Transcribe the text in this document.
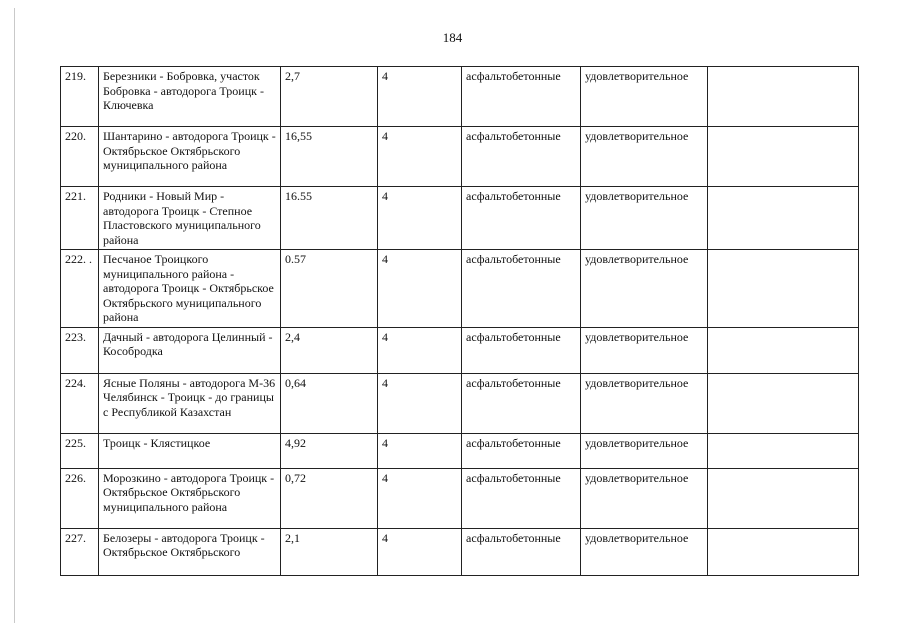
184
219.	Березники - Бобровка, участок Бобровка - автодорога Троицк - Ключевка	2,7	4	асфальтобетонные	удовлетворительное	
220.	Шантарино - автодорога Троицк - Октябрьское Октябрьского муниципального района	16,55	4	асфальтобетонные	удовлетворительное	
221.	Родники - Новый Мир - автодорога Троицк - Степное Пластовского муниципального района	16.55	4	асфальтобетонные	удовлетворительное	
222. .	Песчаное Троицкого муниципального района - автодорога Троицк - Октябрьское Октябрьского муниципального района	0.57	4	асфальтобетонные	удовлетворительное	
223.	Дачный - автодорога Целинный - Кособродка	2,4	4	асфальтобетонные	удовлетворительное	
224.	Ясные Поляны - автодорога М-36 Челябинск - Троицк - до границы с Республикой Казахстан	0,64	4	асфальтобетонные	удовлетворительное	
225.	Троицк - Клястицкое	4,92	4	асфальтобетонные	удовлетворительное	
226.	Морозкино - автодорога Троицк - Октябрьское Октябрьского муниципального района	0,72	4	асфальтобетонные	удовлетворительное	
227.	Белозеры - автодорога Троицк - Октябрьское Октябрьского	2,1	4	асфальтобетонные	удовлетворительное	
